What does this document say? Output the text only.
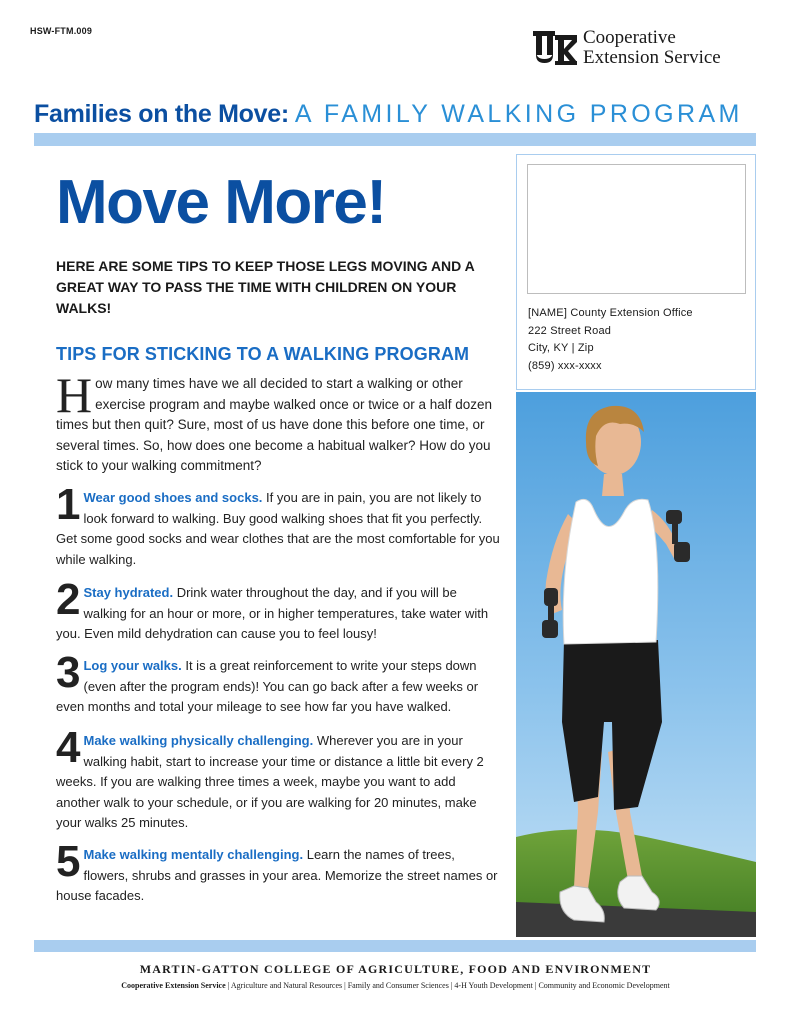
HSW-FTM.009	Cooperative
Extension Service
Families on the Move: A FAMILY WALKING PROGRAM
Move More!
HERE ARE SOME TIPS TO KEEP THOSE LEGS MOVING AND A GREAT WAY TO PASS THE TIME WITH CHILDREN ON YOUR WALKS!
TIPS FOR STICKING TO A WALKING PROGRAM
How many times have we all decided to start a walking or other exercise program and maybe walked once or twice or a half dozen times but then quit? Sure, most of us have done this before one time, or several times. So, how does one become a habitual walker? How do you stick to your walking commitment?
1 Wear good shoes and socks. If you are in pain, you are not likely to look forward to walking. Buy good walking shoes that fit you perfectly. Get some good socks and wear clothes that are the most comfortable for you while walking.
2 Stay hydrated. Drink water throughout the day, and if you will be walking for an hour or more, or in higher temperatures, take water with you. Even mild dehydration can cause you to feel lousy!
3 Log your walks. It is a great reinforcement to write your steps down (even after the program ends)! You can go back after a few weeks or even months and total your mileage to see how far you have walked.
4 Make walking physically challenging. Wherever you are in your walking habit, start to increase your time or distance a little bit every 2 weeks. If you are walking three times a week, maybe you want to add another walk to your schedule, or if you are walking for 20 minutes, make your walks 25 minutes.
5 Make walking mentally challenging. Learn the names of trees, flowers, shrubs and grasses in your area. Memorize the street names or house facades.
[NAME] County Extension Office
222 Street Road
City, KY | Zip
(859) xxx-xxxx
MARTIN-GATTON COLLEGE OF AGRICULTURE, FOOD AND ENVIRONMENT
Cooperative Extension Service | Agriculture and Natural Resources | Family and Consumer Sciences | 4-H Youth Development | Community and Economic Development
